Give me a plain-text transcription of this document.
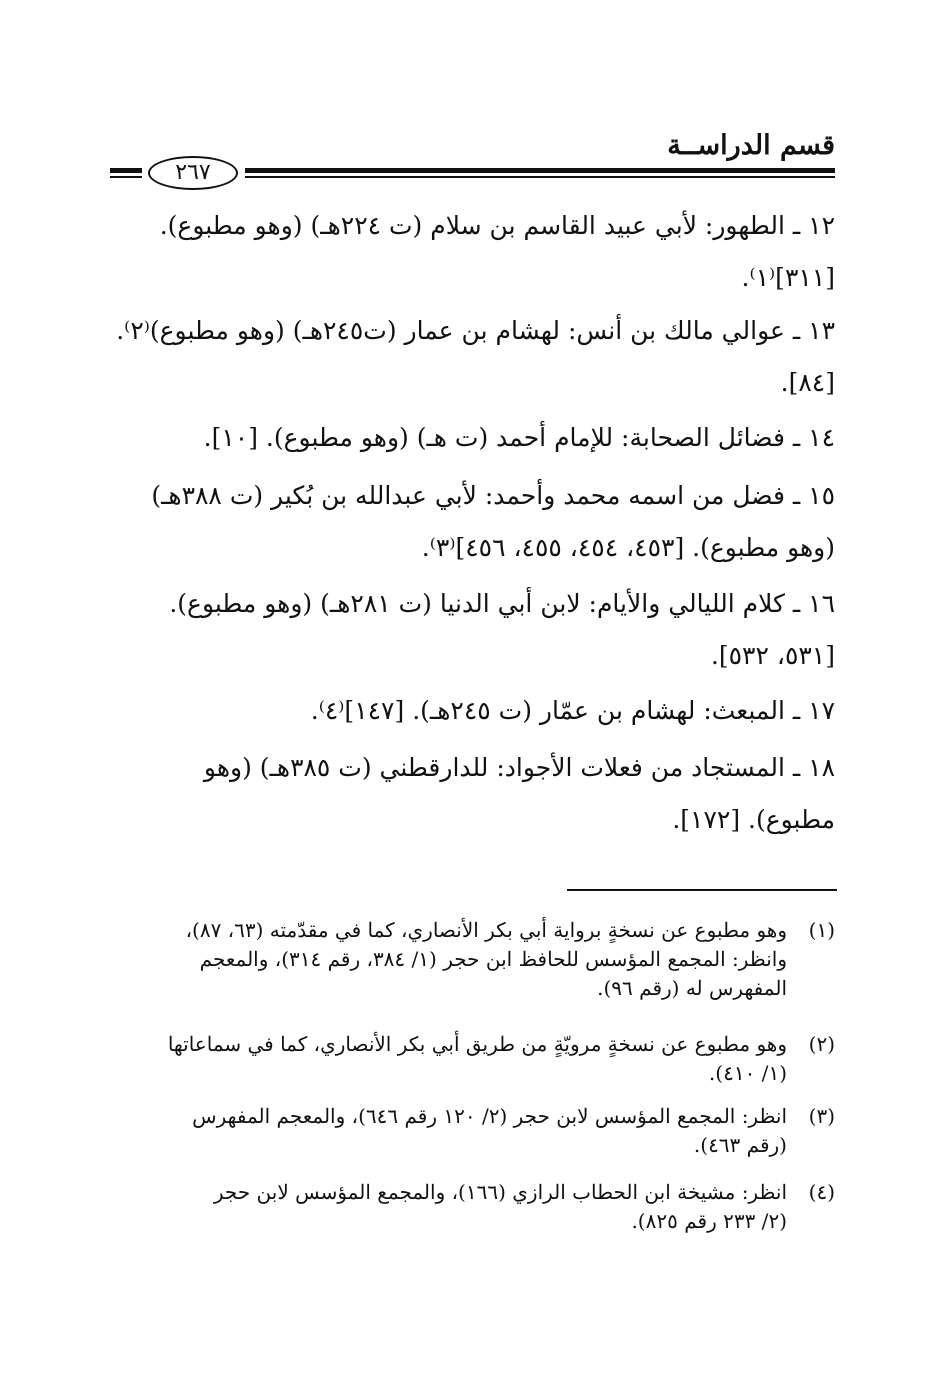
قسم الدراســة
٢٦٧
١٢ ـ الطهور: لأبي عبيد القاسم بن سلام (ت ٢٢٤هـ) (وهو مطبوع).
[٣١١]⁽١⁾.
١٣ ـ عوالي مالك بن أنس: لهشام بن عمار (ت٢٤٥هـ) (وهو مطبوع)⁽٢⁾.
[٨٤].
١٤ ـ فضائل الصحابة: للإمام أحمد (ت هـ) (وهو مطبوع). [١٠].
١٥ ـ فضل من اسمه محمد وأحمد: لأبي عبدالله بن بُكير (ت ٣٨٨هـ)
(وهو مطبوع). [٤٥٣، ٤٥٤، ٤٥٥، ٤٥٦]⁽٣⁾.
١٦ ـ كلام الليالي والأيام: لابن أبي الدنيا (ت ٢٨١هـ) (وهو مطبوع).
[٥٣١، ٥٣٢].
١٧ ـ المبعث: لهشام بن عمّار (ت ٢٤٥هـ). [١٤٧]⁽٤⁾.
١٨ ـ المستجاد من فعلات الأجواد: للدارقطني (ت ٣٨٥هـ) (وهو
مطبوع). [١٧٢].
(١)
وهو مطبوع عن نسخةٍ برواية أبي بكر الأنصاري، كما في مقدّمته (٦٣، ٨٧)،
وانظر: المجمع المؤسس للحافظ ابن حجر (١/ ٣٨٤، رقم ٣١٤)، والمعجم
المفهرس له (رقم ٩٦).
(٢)
وهو مطبوع عن نسخةٍ مرويّةٍ من طريق أبي بكر الأنصاري، كما في سماعاتها
(١/ ٤١٠).
(٣)
انظر: المجمع المؤسس لابن حجر (٢/ ١٢٠ رقم ٦٤٦)، والمعجم المفهرس
(رقم ٤٦٣).
(٤)
انظر: مشيخة ابن الحطاب الرازي (١٦٦)، والمجمع المؤسس لابن حجر
(٢/ ٢٣٣ رقم ٨٢٥).
